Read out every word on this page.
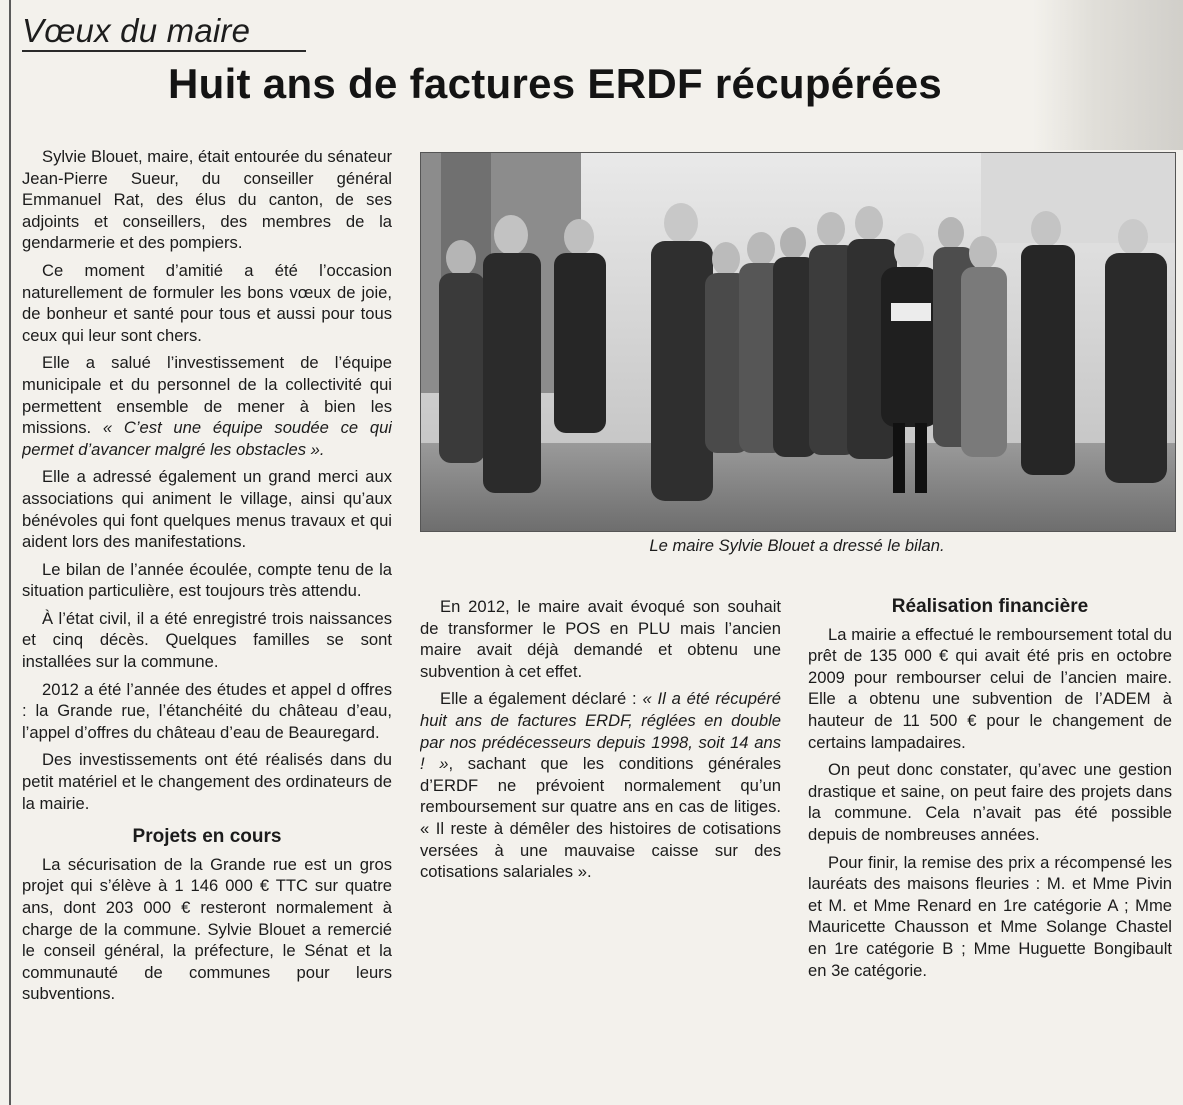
Vœux du maire
Huit ans de factures ERDF récupérées

Sylvie Blouet, maire, était entourée du sénateur Jean-Pierre Sueur, du conseiller général Emmanuel Rat, des élus du canton, de ses adjoints et conseillers, des membres de la gendarmerie et des pompiers.

Ce moment d’amitié a été l’occasion naturellement de formuler les bons vœux de joie, de bonheur et santé pour tous et aussi pour tous ceux qui leur sont chers.

Elle a salué l’investissement de l’équipe municipale et du personnel de la collectivité qui permettent ensemble de mener à bien les missions. « C’est une équipe soudée ce qui permet d’avancer malgré les obstacles ».

Elle a adressé également un grand merci aux associations qui animent le village, ainsi qu’aux bénévoles qui font quelques menus travaux et qui aident lors des manifestations.

Le bilan de l’année écoulée, compte tenu de la situation particulière, est toujours très attendu.

À l’état civil, il a été enregistré trois naissances et cinq décès. Quelques familles se sont installées sur la commune.

2012 a été l’année des études et appel d offres : la Grande rue, l’étanchéité du château d’eau, l’appel d’offres du château d’eau de Beauregard.

Des investissements ont été réalisés dans du petit matériel et le changement des ordinateurs de la mairie.

Projets en cours

La sécurisation de la Grande rue est un gros projet qui s’élève à 1 146 000 € TTC sur quatre ans, dont 203 000 € resteront normalement à charge de la commune. Sylvie Blouet a remercié le conseil général, la préfecture, le Sénat et la communauté de communes pour leurs subventions.

Le maire Sylvie Blouet a dressé le bilan.

En 2012, le maire avait évoqué son souhait de transformer le POS en PLU mais l’ancien maire avait déjà demandé et obtenu une subvention à cet effet.

Elle a également déclaré : « Il a été récupéré huit ans de factures ERDF, réglées en double par nos prédécesseurs depuis 1998, soit 14 ans ! », sachant que les conditions générales d’ERDF ne prévoient normalement qu’un remboursement sur quatre ans en cas de litiges. « Il reste à démêler des histoires de cotisations versées à une mauvaise caisse sur des cotisations salariales ».

Réalisation financière

La mairie a effectué le remboursement total du prêt de 135 000 € qui avait été pris en octobre 2009 pour rembourser celui de l’ancien maire. Elle a obtenu une subvention de l’ADEM à hauteur de 11 500 € pour le changement de certains lampadaires.

On peut donc constater, qu’avec une gestion drastique et saine, on peut faire des projets dans la commune. Cela n’avait pas été possible depuis de nombreuses années.

Pour finir, la remise des prix a récompensé les lauréats des maisons fleuries : M. et Mme Pivin et M. et Mme Renard en 1re catégorie A ; Mme Mauricette Chausson et Mme Solange Chastel en 1re catégorie B ; Mme Huguette Bongibault en 3e catégorie.
